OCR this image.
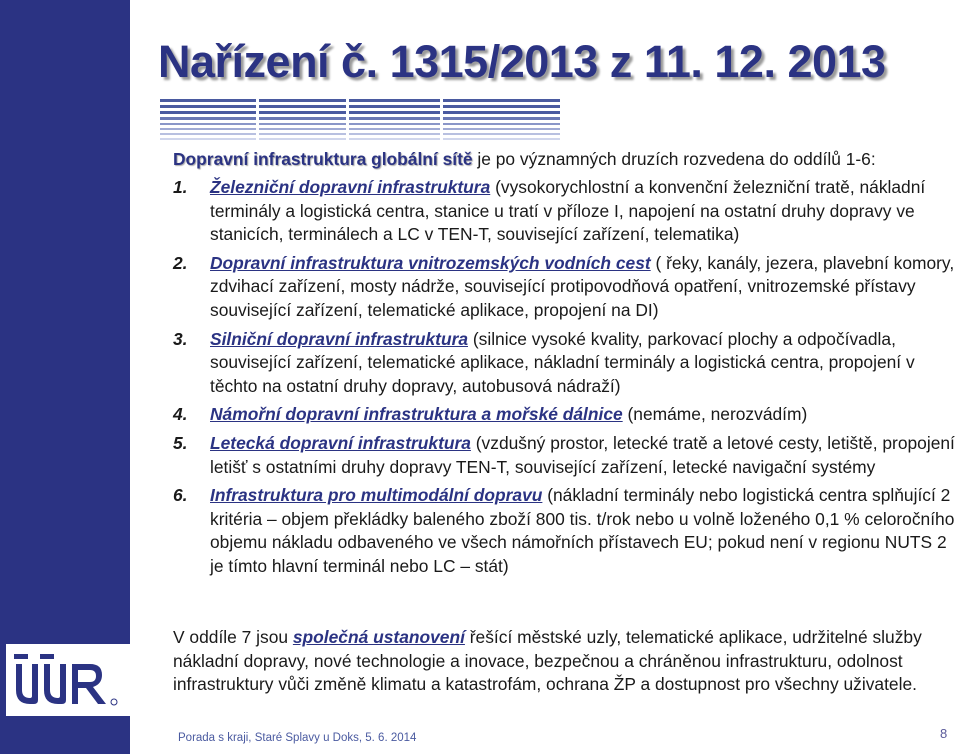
Nařízení č. 1315/2013 z 11. 12. 2013
Dopravní infrastruktura globální sítě je po významných druzích rozvedena do oddílů 1-6:
1. Železniční dopravní infrastruktura (vysokorychlostní a konvenční železniční tratě, nákladní terminály a logistická centra, stanice u tratí v příloze I, napojení na ostatní druhy dopravy ve stanicích, terminálech a LC v TEN-T, související zařízení, telematika)
2. Dopravní infrastruktura vnitrozemských vodních cest ( řeky, kanály, jezera, plavební komory, zdvihací zařízení, mosty nádrže, související protipovodňová opatření, vnitrozemské přístavy související zařízení, telematické aplikace, propojení na DI)
3. Silniční dopravní infrastruktura (silnice vysoké kvality, parkovací plochy a odpočívadla, související zařízení, telematické aplikace, nákladní terminály a logistická centra, propojení v těchto na ostatní druhy dopravy, autobusová nádraží)
4. Námořní dopravní infrastruktura a mořské dálnice (nemáme, nerozvádím)
5. Letecká dopravní infrastruktura (vzdušný prostor, letecké tratě a letové cesty, letiště, propojení letišť s ostatními druhy dopravy TEN-T, související zařízení, letecké navigační systémy
6. Infrastruktura pro multimodální dopravu (nákladní terminály nebo logistická centra splňující 2 kritéria – objem překládky baleného zboží 800 tis. t/rok nebo u volně loženého 0,1 % celoročního objemu nákladu odbaveného ve všech námořních přístavech EU; pokud není v regionu NUTS 2 je tímto hlavní terminál nebo LC – stát)
V oddíle 7 jsou společná ustanovení řešící městské uzly, telematické aplikace, udržitelné služby nákladní dopravy, nové technologie a inovace, bezpečnou a chráněnou infrastrukturu, odolnost infrastruktury vůči změně klimatu a katastrofám, ochrana ŽP a dostupnost pro všechny uživatele.
Porada s kraji, Staré Splavy u Doks, 5. 6. 2014	8
